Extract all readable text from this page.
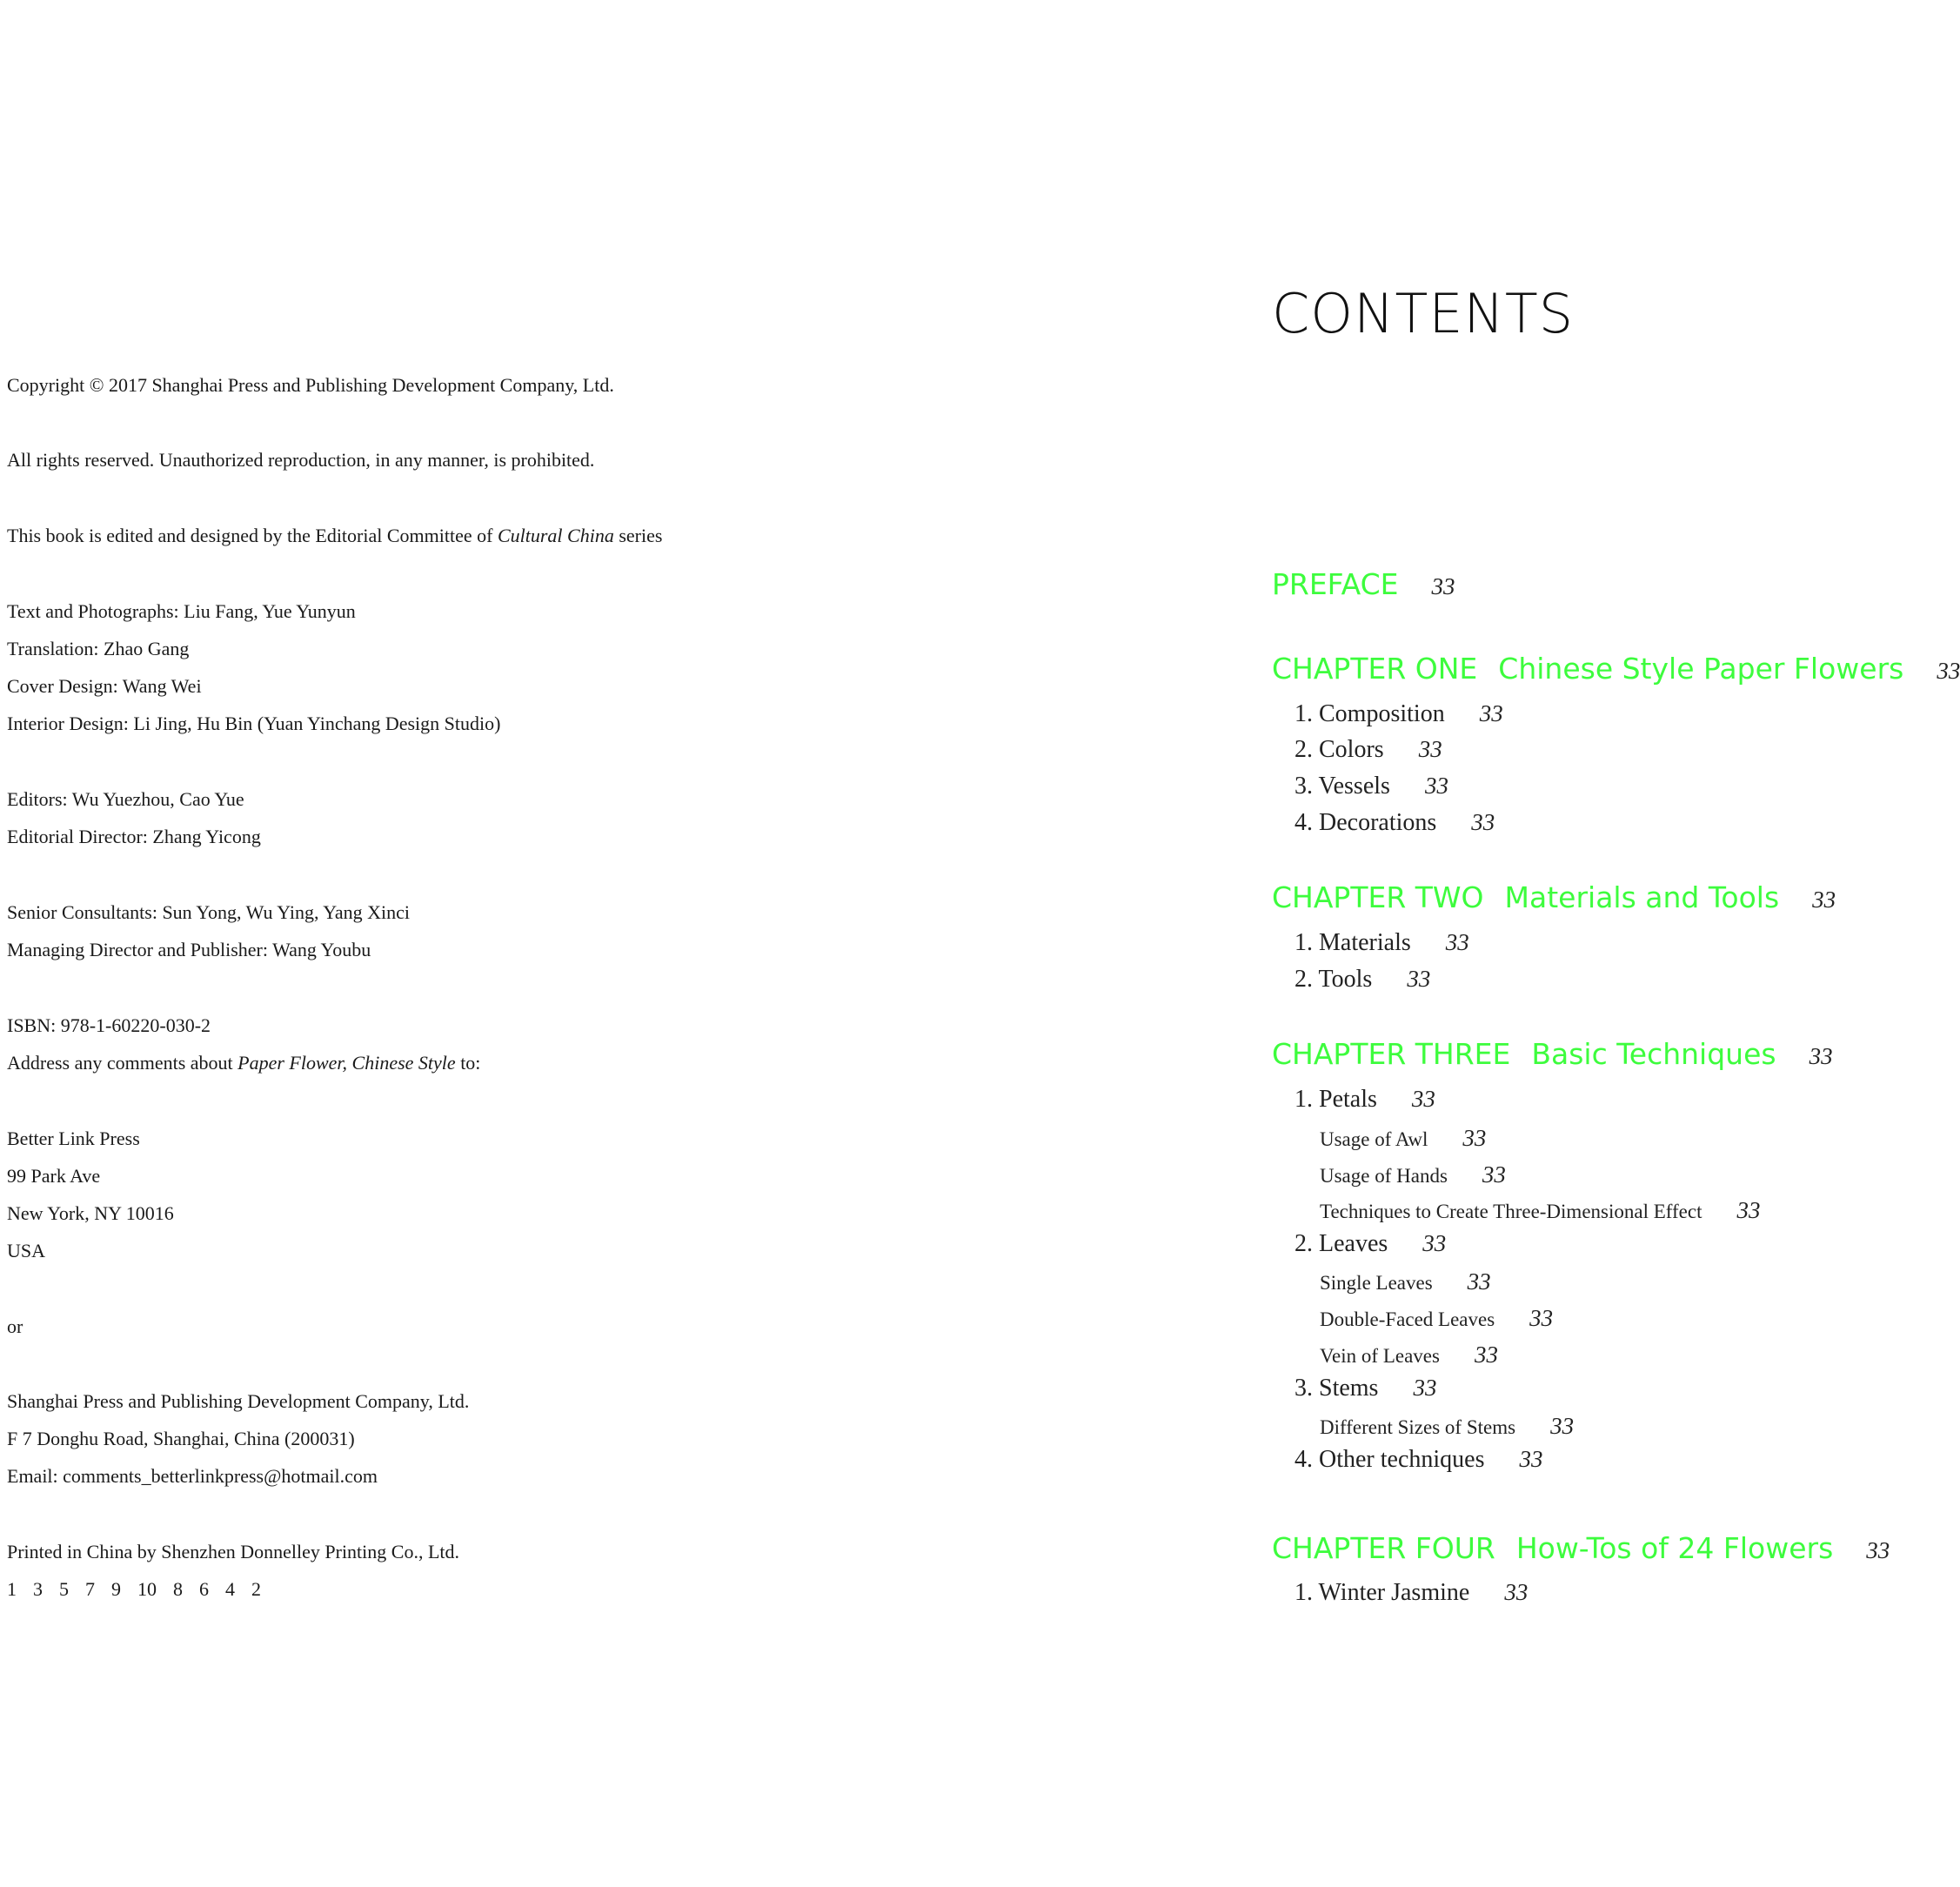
Copyright © 2017 Shanghai Press and Publishing Development Company, Ltd.
All rights reserved. Unauthorized reproduction, in any manner, is prohibited.
This book is edited and designed by the Editorial Committee of Cultural China series
Text and Photographs: Liu Fang, Yue Yunyun
Translation: Zhao Gang
Cover Design: Wang Wei
Interior Design: Li Jing, Hu Bin (Yuan Yinchang Design Studio)
Editors: Wu Yuezhou, Cao Yue
Editorial Director: Zhang Yicong
Senior Consultants: Sun Yong, Wu Ying, Yang Xinci
Managing Director and Publisher: Wang Youbu
ISBN: 978-1-60220-030-2
Address any comments about Paper Flower, Chinese Style to:
Better Link Press
99 Park Ave
New York, NY 10016
USA
or
Shanghai Press and Publishing Development Company, Ltd.
F 7 Donghu Road, Shanghai, China (200031)
Email: comments_betterlinkpress@hotmail.com
Printed in China by Shenzhen Donnelley Printing Co., Ltd.
1 3 5 7 9 10 8 6 4 2
CONTENTS
PREFACE 33
CHAPTER ONE Chinese Style Paper Flowers 33
1. Composition 33
2. Colors 33
3. Vessels 33
4. Decorations 33
CHAPTER TWO Materials and Tools 33
1. Materials 33
2. Tools 33
CHAPTER THREE Basic Techniques 33
1. Petals 33
Usage of Awl 33
Usage of Hands 33
Techniques to Create Three-Dimensional Effect 33
2. Leaves 33
Single Leaves 33
Double-Faced Leaves 33
Vein of Leaves 33
3. Stems 33
Different Sizes of Stems 33
4. Other techniques 33
CHAPTER FOUR How-Tos of 24 Flowers 33
1. Winter Jasmine 33
